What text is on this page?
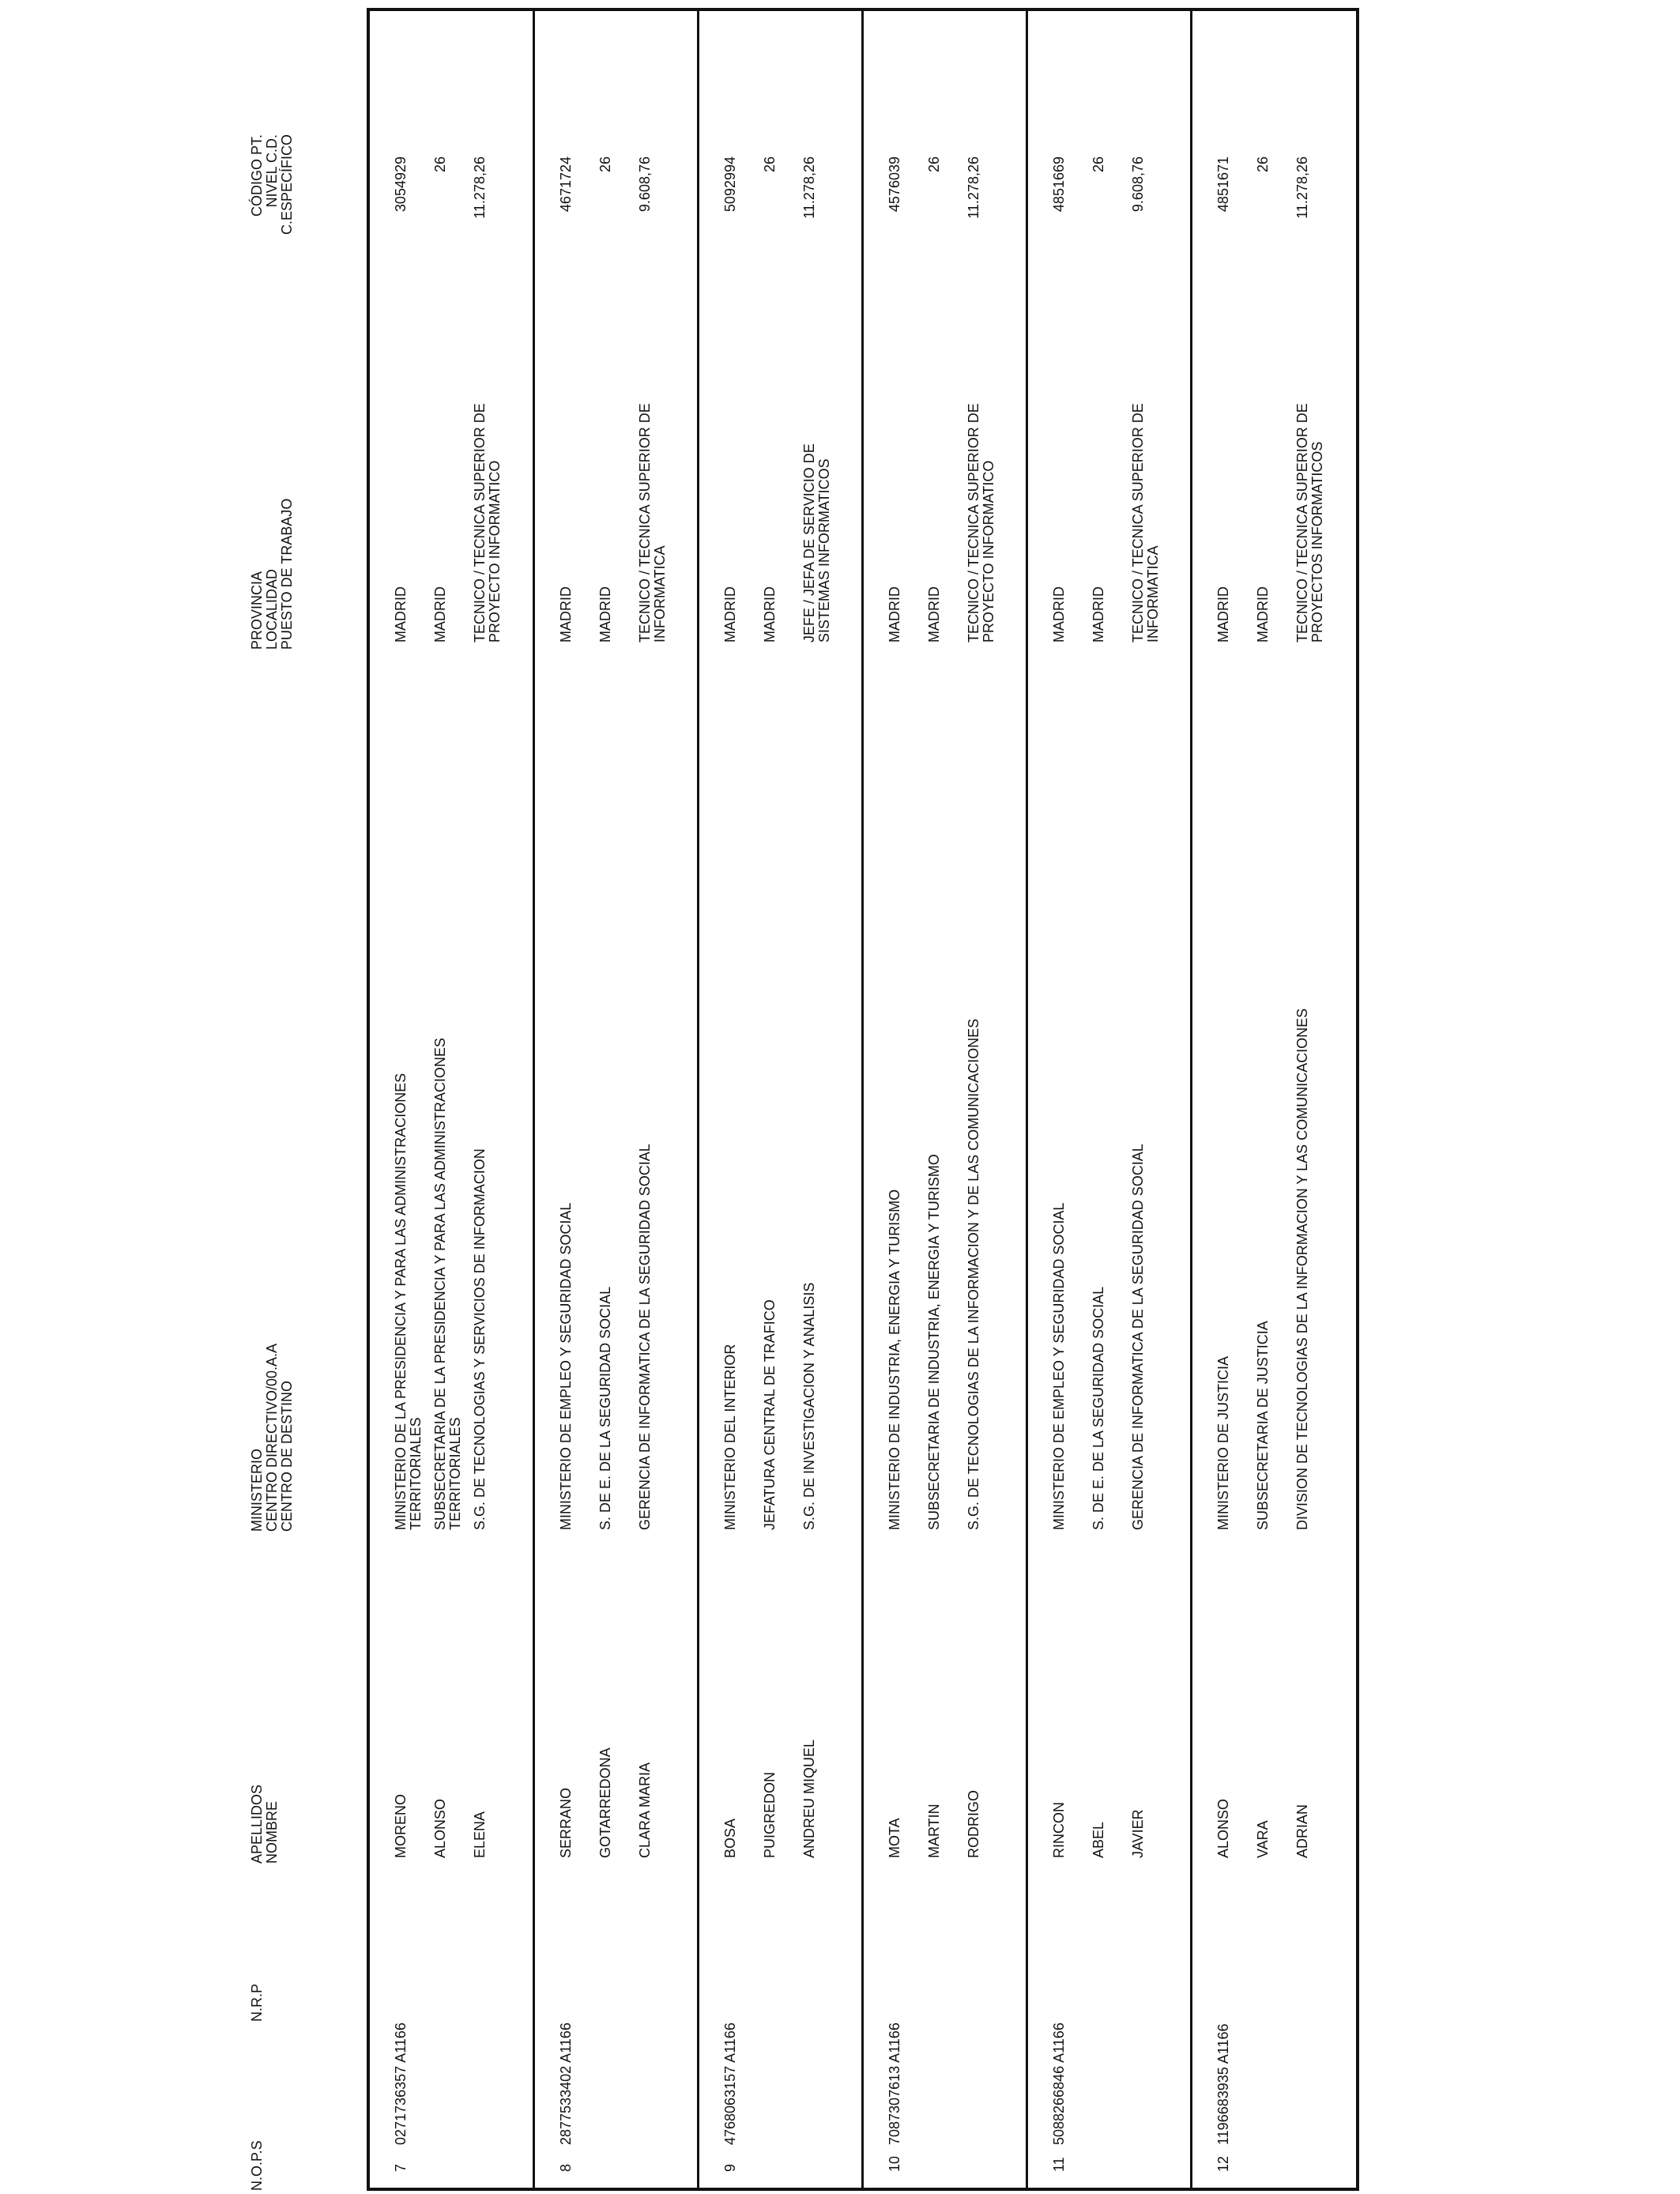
N.O.P.S
N.R.P
APELLIDOS NOMBRE
MINISTERIO CENTRO DIRECTIVO/00.A.A CENTRO DE DESTINO
PROVINCIA LOCALIDAD PUESTO DE TRABAJO
CÓDIGO PT. NIVEL C.D. C.ESPECÍFICO
7
0271736357 A1166
MORENO ALONSO ELENA
MINISTERIO DE LA PRESIDENCIA Y PARA LAS ADMINISTRACIONES TERRITORIALES SUBSECRETARIA DE LA PRESIDENCIA Y PARA LAS ADMINISTRACIONES TERRITORIALES S.G. DE TECNOLOGIAS Y SERVICIOS DE INFORMACION
MADRID MADRID TECNICO / TECNICA SUPERIOR DE PROYECTO INFORMATICO
3054929 26 11.278,26
8
2877533402 A1166
SERRANO GOTARREDONA CLARA MARIA
MINISTERIO DE EMPLEO Y SEGURIDAD SOCIAL S. DE E. DE LA SEGURIDAD SOCIAL GERENCIA DE INFORMATICA DE LA SEGURIDAD SOCIAL
MADRID MADRID TECNICO / TECNICA SUPERIOR DE INFORMATICA
4671724 26 9.608,76
9
4768063157 A1166
BOSA PUIGREDON ANDREU MIQUEL
MINISTERIO DEL INTERIOR JEFATURA CENTRAL DE TRAFICO S.G. DE INVESTIGACION Y ANALISIS
MADRID MADRID JEFE / JEFA DE SERVICIO DE SISTEMAS INFORMATICOS
5092994 26 11.278,26
10
7087307613 A1166
MOTA MARTIN RODRIGO
MINISTERIO DE INDUSTRIA, ENERGIA Y TURISMO SUBSECRETARIA DE INDUSTRIA, ENERGIA Y TURISMO S.G. DE TECNOLOGIAS DE LA INFORMACION Y DE LAS COMUNICACIONES
MADRID MADRID TECNICO / TECNICA SUPERIOR DE PROYECTO INFORMATICO
4576039 26 11.278,26
11
5088266846 A1166
RINCON ABEL JAVIER
MINISTERIO DE EMPLEO Y SEGURIDAD SOCIAL S. DE E. DE LA SEGURIDAD SOCIAL GERENCIA DE INFORMATICA DE LA SEGURIDAD SOCIAL
MADRID MADRID TECNICO / TECNICA SUPERIOR DE INFORMATICA
4851669 26 9.608,76
12
1196683935 A1166
ALONSO VARA ADRIAN
MINISTERIO DE JUSTICIA SUBSECRETARIA DE JUSTICIA DIVISION DE TECNOLOGIAS DE LA INFORMACION Y LAS COMUNICACIONES
MADRID MADRID TECNICO / TECNICA SUPERIOR DE PROYECTOS INFORMATICOS
4851671 26 11.278,26
